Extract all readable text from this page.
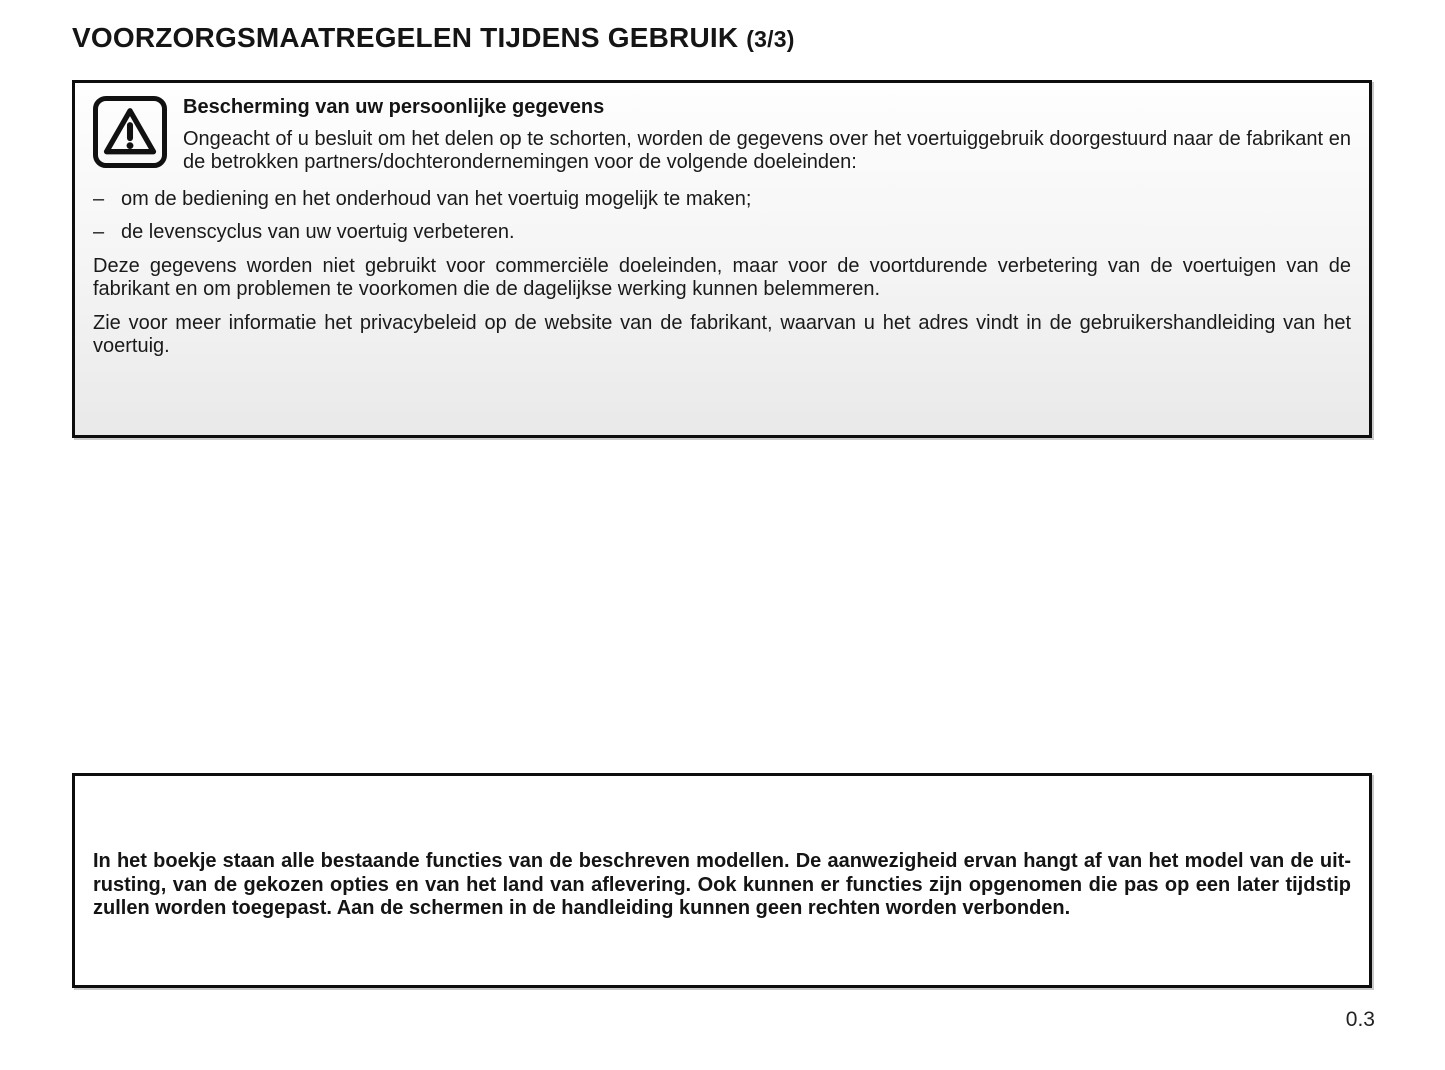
VOORZORGSMAATREGELEN TIJDENS GEBRUIK (3/3)
Bescherming van uw persoonlijke gegevens
Ongeacht of u besluit om het delen op te schorten, worden de gegevens over het voertuiggebruik doorgestuurd naar de fabrikant en de betrokken partners/dochterondernemingen voor de volgende doeleinden:
– om de bediening en het onderhoud van het voertuig mogelijk te maken;
– de levenscyclus van uw voertuig verbeteren.
Deze gegevens worden niet gebruikt voor commerciële doeleinden, maar voor de voortdurende verbetering van de voertuigen van de fabrikant en om problemen te voorkomen die de dagelijkse werking kunnen belemmeren.
Zie voor meer informatie het privacybeleid op de website van de fabrikant, waarvan u het adres vindt in de gebruikershandleiding van het voertuig.
In het boekje staan alle bestaande functies van de beschreven modellen. De aanwezigheid ervan hangt af van het model van de uitrusting, van de gekozen opties en van het land van aflevering. Ook kunnen er functies zijn opgenomen die pas op een later tijdstip zullen worden toegepast. Aan de schermen in de handleiding kunnen geen rechten worden verbonden.
0.3
